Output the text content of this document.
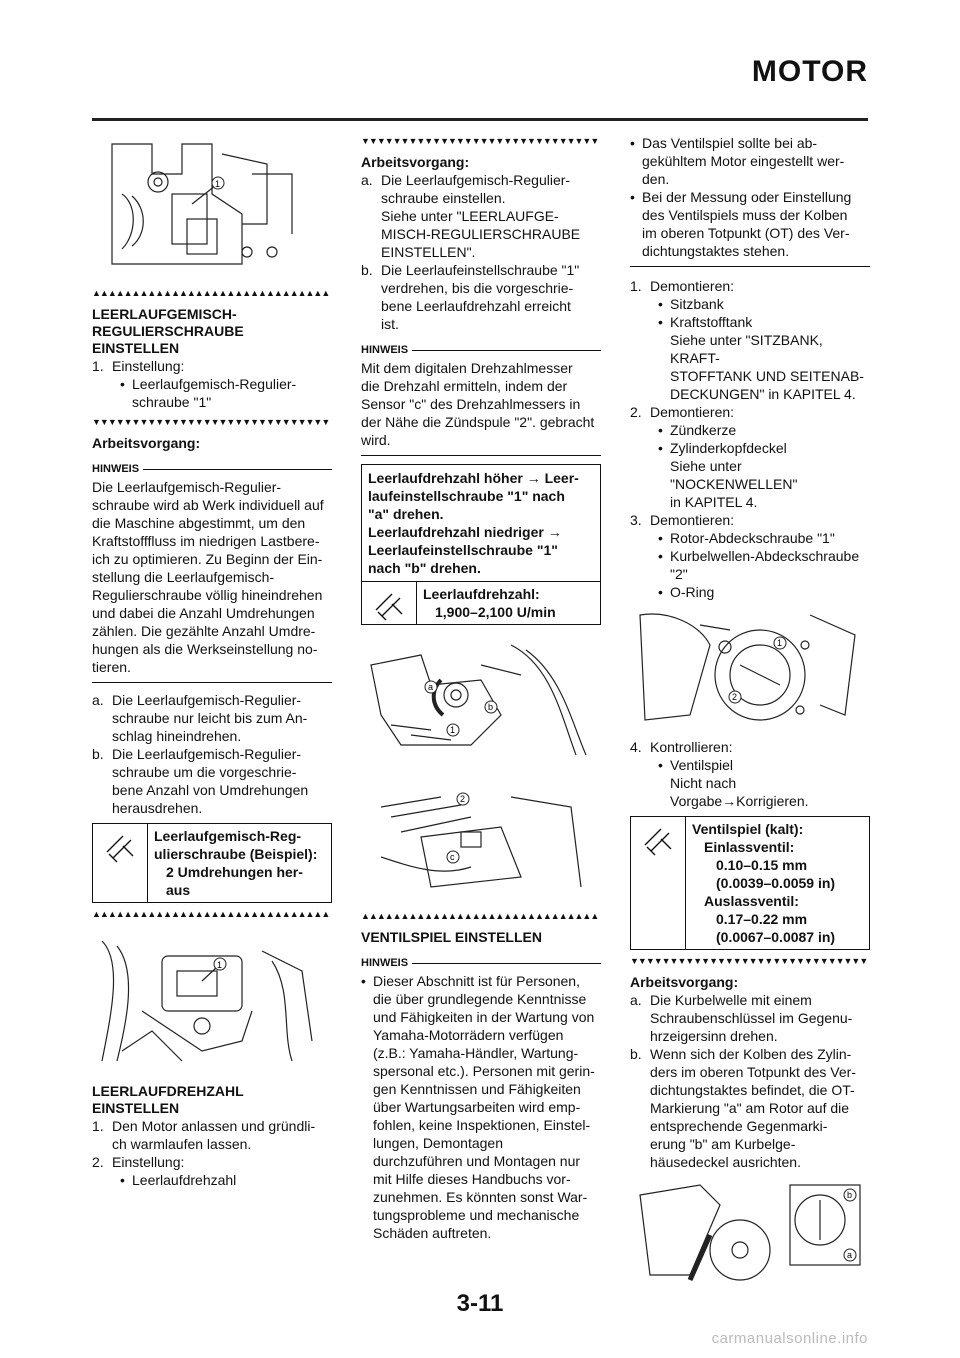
MOTOR
1
▲▲▲▲▲▲▲▲▲▲▲▲▲▲▲▲▲▲▲▲▲▲▲▲▲▲▲▲▲▲
LEERLAUFGEMISCH-
REGULIERSCHRAUBE
EINSTELLEN
1. Einstellung:
• Leerlaufgemisch-Regulier-
schraube "1"
▼▼▼▼▼▼▼▼▼▼▼▼▼▼▼▼▼▼▼▼▼▼▼▼▼▼▼▼▼▼
Arbeitsvorgang:
HINWEIS
Die Leerlaufgemisch-Regulier-
schraube wird ab Werk individuell auf
die Maschine abgestimmt, um den
Kraftstofffluss im niedrigen Lastbere-
ich zu optimieren. Zu Beginn der Ein-
stellung die Leerlaufgemisch-
Regulierschraube völlig hineindrehen
und dabei die Anzahl Umdrehungen
zählen. Die gezählte Anzahl Umdre-
hungen als die Werkseinstellung no-
tieren.
a. Die Leerlaufgemisch-Regulier-
schraube nur leicht bis zum An-
schlag hineindrehen.
b. Die Leerlaufgemisch-Regulier-
schraube um die vorgeschrie-
bene Anzahl von Umdrehungen
herausdrehen.
Leerlaufgemisch-Reg-
ulierschraube (Beispiel):
2 Umdrehungen her-
aus
▲▲▲▲▲▲▲▲▲▲▲▲▲▲▲▲▲▲▲▲▲▲▲▲▲▲▲▲▲▲
1
LEERLAUFDREHZAHL
EINSTELLEN
1. Den Motor anlassen und gründli-
ch warmlaufen lassen.
2. Einstellung:
• Leerlaufdrehzahl
▼▼▼▼▼▼▼▼▼▼▼▼▼▼▼▼▼▼▼▼▼▼▼▼▼▼▼▼▼▼
Arbeitsvorgang:
a. Die Leerlaufgemisch-Regulier-
schraube einstellen.
Siehe unter "LEERLAUFGE-
MISCH-REGULIERSCHRAUBE
EINSTELLEN".
b. Die Leerlaufeinstellschraube "1"
verdrehen, bis die vorgeschrie-
bene Leerlaufdrehzahl erreicht
ist.
HINWEIS
Mit dem digitalen Drehzahlmesser
die Drehzahl ermitteln, indem der
Sensor "c" des Drehzahlmessers in
der Nähe die Zündspule "2". gebracht
wird.
Leerlaufdrehzahl höher → Leer-
laufeinstellschraube "1" nach
"a" drehen.
Leerlaufdrehzahl niedriger →
Leerlaufeinstellschraube "1"
nach "b" drehen.
Leerlaufdrehzahl:
1,900–2,100 U/min
a
b
1

2
c
▲▲▲▲▲▲▲▲▲▲▲▲▲▲▲▲▲▲▲▲▲▲▲▲▲▲▲▲▲▲
VENTILSPIEL EINSTELLEN
HINWEIS
• Dieser Abschnitt ist für Personen,
die über grundlegende Kenntnisse
und Fähigkeiten in der Wartung von
Yamaha-Motorrädern verfügen
(z.B.: Yamaha-Händler, Wartung-
spersonal etc.). Personen mit gerin-
gen Kenntnissen und Fähigkeiten
über Wartungsarbeiten wird emp-
fohlen, keine Inspektionen, Einstel-
lungen, Demontagen
durchzuführen und Montagen nur
mit Hilfe dieses Handbuchs vor-
zunehmen. Es könnten sonst War-
tungsprobleme und mechanische
Schäden auftreten.
• Das Ventilspiel sollte bei ab-
gekühltem Motor eingestellt wer-
den.
• Bei der Messung oder Einstellung
des Ventilspiels muss der Kolben
im oberen Totpunkt (OT) des Ver-
dichtungstaktes stehen.
1. Demontieren:
• Sitzbank
• Kraftstofftank
Siehe unter "SITZBANK, KRAFT-
STOFFTANK UND SEITENAB-
DECKUNGEN" in KAPITEL 4.
2. Demontieren:
• Zündkerze
• Zylinderkopfdeckel
Siehe unter "NOCKENWELLEN"
in KAPITEL 4.
3. Demontieren:
• Rotor-Abdeckschraube "1"
• Kurbelwellen-Abdeckschraube
"2"
• O-Ring
1
2
4. Kontrollieren:
• Ventilspiel
Nicht nach Vorgabe→Korrigieren.
Ventilspiel (kalt):
Einlassventil:
0.10–0.15 mm
(0.0039–0.0059 in)
Auslassventil:
0.17–0.22 mm
(0.0067–0.0087 in)
▼▼▼▼▼▼▼▼▼▼▼▼▼▼▼▼▼▼▼▼▼▼▼▼▼▼▼▼▼▼
Arbeitsvorgang:
a. Die Kurbelwelle mit einem
Schraubenschlüssel im Gegenu-
hrzeigersinn drehen.
b. Wenn sich der Kolben des Zylin-
ders im oberen Totpunkt des Ver-
dichtungstaktes befindet, die OT-
Markierung "a" am Rotor auf die
entsprechende Gegenmarki-
erung "b" am Kurbelge-
häusedeckel ausrichten.
b
a
3-11
carmanualsonline.info
